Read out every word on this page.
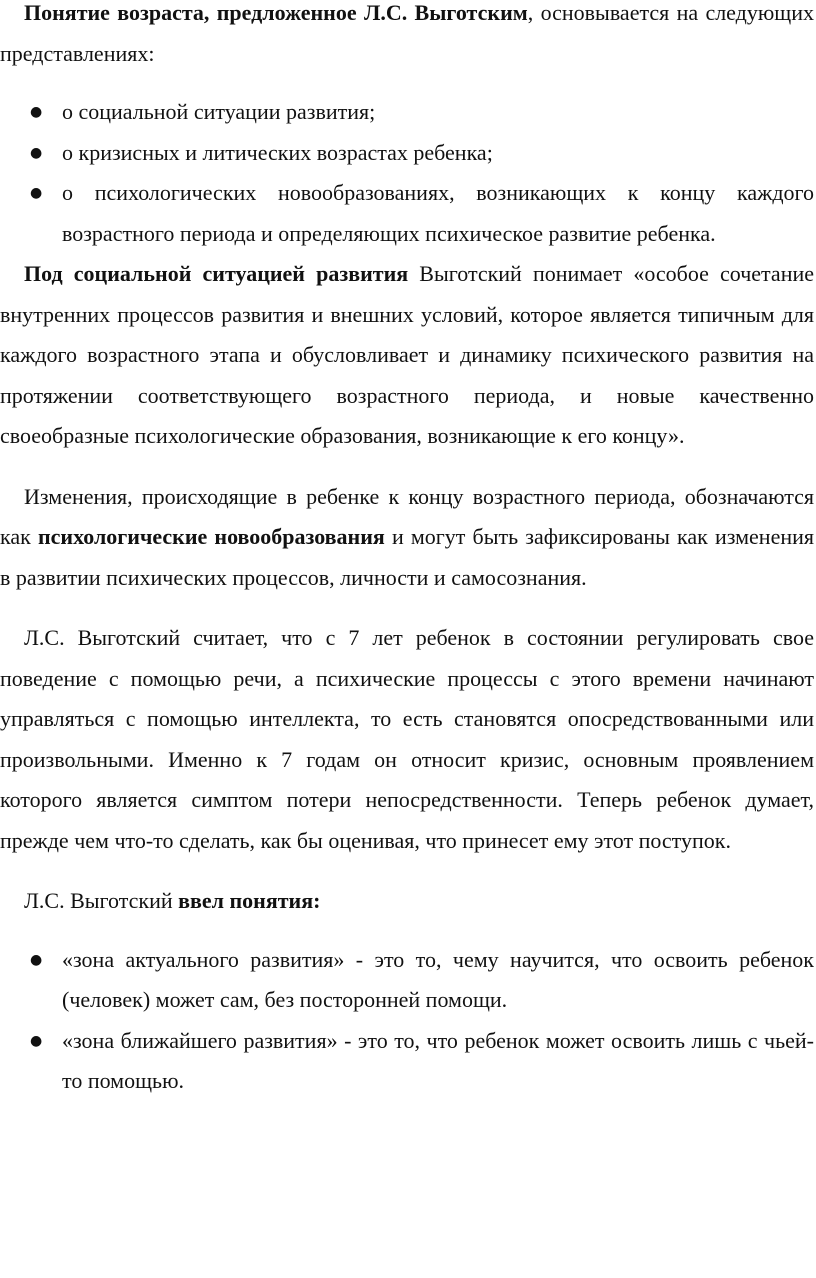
Понятие возраста, предложенное Л.С. Выготским, основывается на следующих представлениях:

● о социальной ситуации развития;
● о кризисных и литических возрастах ребенка;
● о психологических новообразованиях, возникающих к концу каждого возрастного периода и определяющих психическое развитие ребенка.

Под социальной ситуацией развития Выготский понимает «особое сочетание внутренних процессов развития и внешних условий, которое является типичным для каждого возрастного этапа и обусловливает и динамику психического развития на протяжении соответствующего возрастного периода, и новые качественно своеобразные психологические образования, возникающие к его концу».

Изменения, происходящие в ребенке к концу возрастного периода, обозначаются как психологические новообразования и могут быть зафиксированы как изменения в развитии психических процессов, личности и самосознания.

Л.С. Выготский считает, что с 7 лет ребенок в состоянии регулировать свое поведение с помощью речи, а психические процессы с этого времени начинают управляться с помощью интеллекта, то есть становятся опосредствованными или произвольными. Именно к 7 годам он относит кризис, основным проявлением которого является симптом потери непосредственности. Теперь ребенок думает, прежде чем что-то сделать, как бы оценивая, что принесет ему этот поступок.

Л.С. Выготский ввел понятия:

● «зона актуального развития» - это то, чему научится, что освоить ребенок (человек) может сам, без посторонней помощи.
● «зона ближайшего развития» - это то, что ребенок может освоить лишь с чьей-то помощью.
